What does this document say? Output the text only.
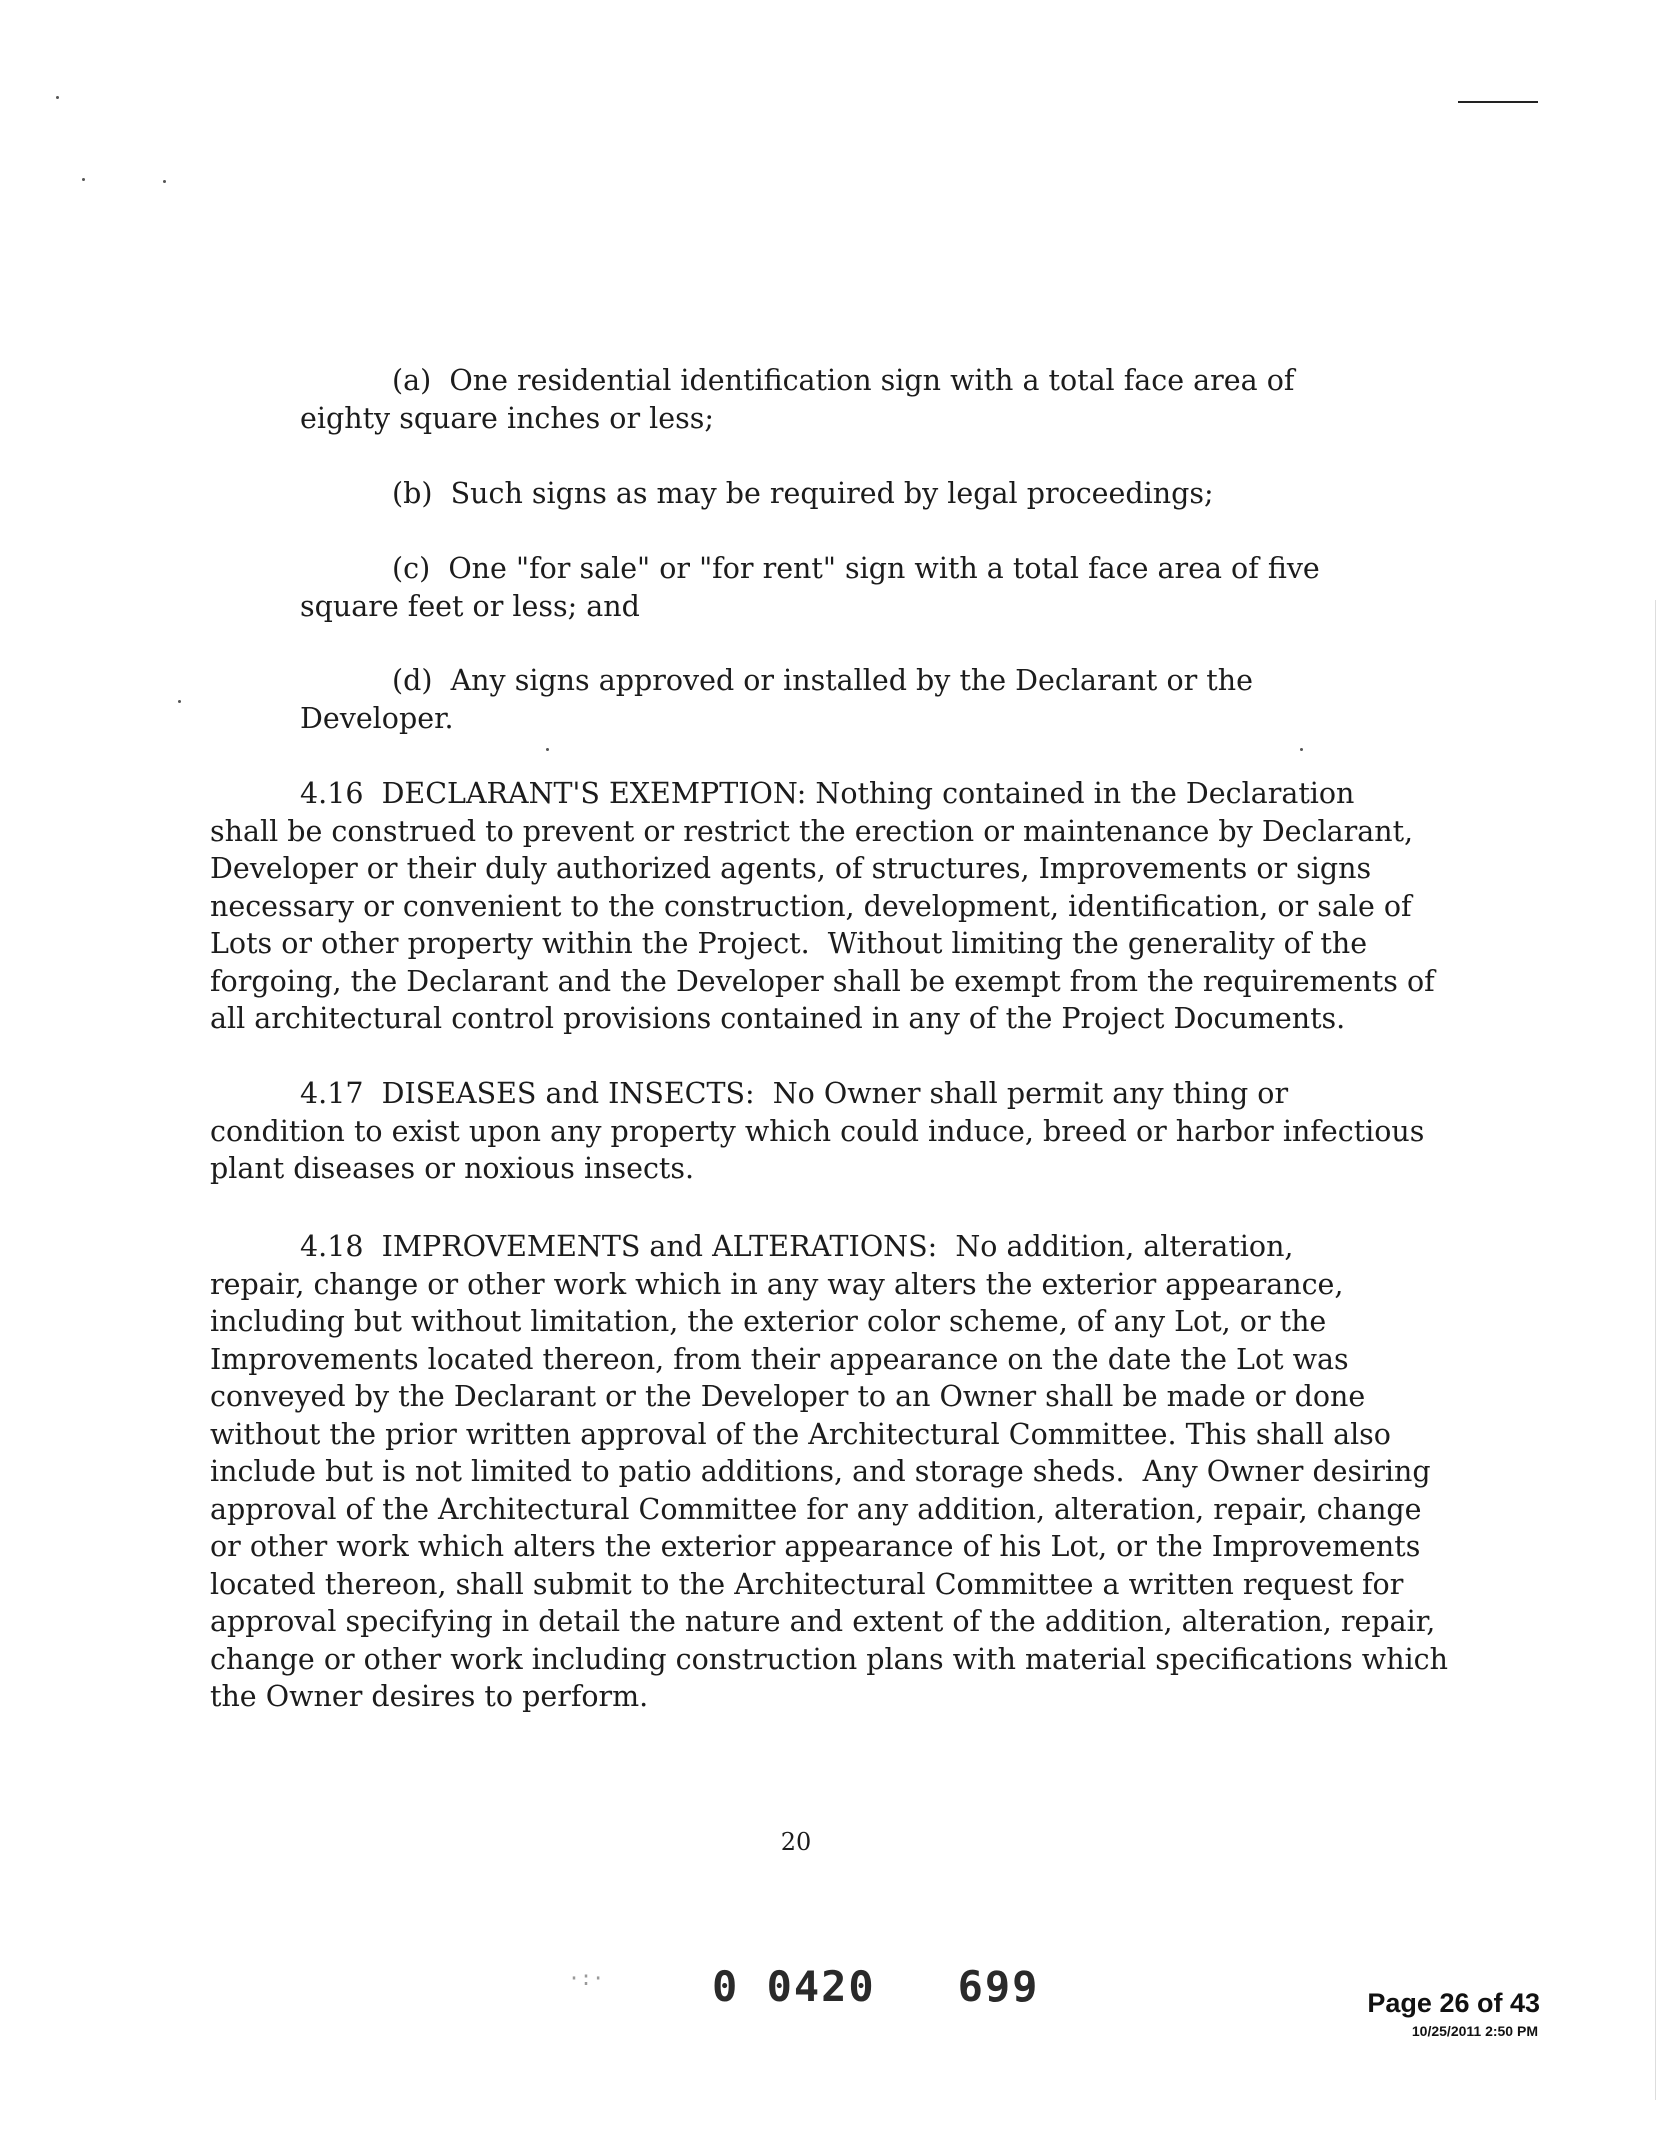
(a)  One residential identification sign with a total face area of
eighty square inches or less;

(b)  Such signs as may be required by legal proceedings;

(c)  One "for sale" or "for rent" sign with a total face area of five
square feet or less; and

(d)  Any signs approved or installed by the Declarant or the
Developer.

4.16  DECLARANT'S EXEMPTION: Nothing contained in the Declaration
shall be construed to prevent or restrict the erection or maintenance by Declarant,
Developer or their duly authorized agents, of structures, Improvements or signs
necessary or convenient to the construction, development, identification, or sale of
Lots or other property within the Project.  Without limiting the generality of the
forgoing, the Declarant and the Developer shall be exempt from the requirements of
all architectural control provisions contained in any of the Project Documents.

4.17  DISEASES and INSECTS:  No Owner shall permit any thing or
condition to exist upon any property which could induce, breed or harbor infectious
plant diseases or noxious insects.

4.18  IMPROVEMENTS and ALTERATIONS:  No addition, alteration,
repair, change or other work which in any way alters the exterior appearance,
including but without limitation, the exterior color scheme, of any Lot, or the
Improvements located thereon, from their appearance on the date the Lot was
conveyed by the Declarant or the Developer to an Owner shall be made or done
without the prior written approval of the Architectural Committee. This shall also
include but is not limited to patio additions, and storage sheds.  Any Owner desiring
approval of the Architectural Committee for any addition, alteration, repair, change
or other work which alters the exterior appearance of his Lot, or the Improvements
located thereon, shall submit to the Architectural Committee a written request for
approval specifying in detail the nature and extent of the addition, alteration, repair,
change or other work including construction plans with material specifications which
the Owner desires to perform.

20
·:·	0 0420   699	Page 26 of 43
10/25/2011 2:50 PM
